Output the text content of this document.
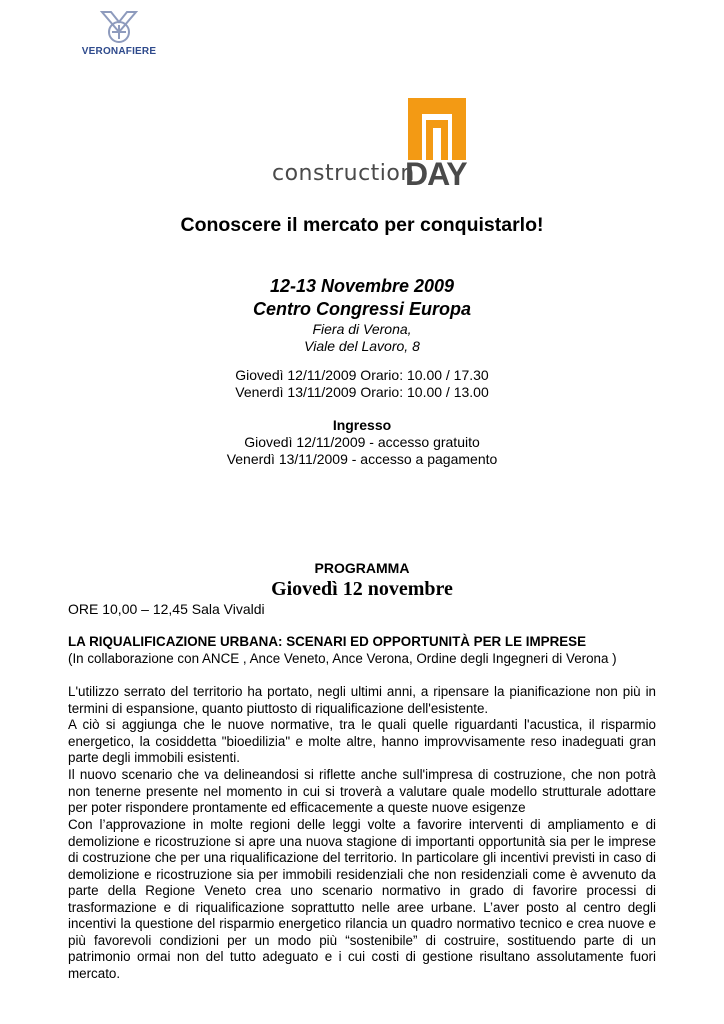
VERONAFIERE
construction
DAY
Conoscere il mercato per conquistarlo!
12-13 Novembre 2009
Centro Congressi Europa
Fiera di Verona,
Viale del Lavoro, 8
Giovedì 12/11/2009 Orario: 10.00 / 17.30
Venerdì 13/11/2009 Orario: 10.00 / 13.00
Ingresso
Giovedì 12/11/2009 - accesso gratuito
Venerdì 13/11/2009 - accesso a pagamento
PROGRAMMA
Giovedì 12 novembre
ORE 10,00 – 12,45 Sala Vivaldi
LA RIQUALIFICAZIONE URBANA: SCENARI ED OPPORTUNITÀ PER LE IMPRESE
(In collaborazione con ANCE , Ance Veneto, Ance Verona, Ordine degli Ingegneri di Verona )
L'utilizzo serrato del territorio ha portato, negli ultimi anni, a ripensare la pianificazione non più in termini di espansione, quanto piuttosto di riqualificazione dell'esistente.
A ciò si aggiunga che le nuove normative, tra le quali quelle riguardanti l'acustica, il risparmio energetico, la cosiddetta "bioedilizia" e molte altre, hanno improvvisamente reso inadeguati gran parte degli immobili esistenti.
Il nuovo scenario che va delineandosi si riflette anche sull'impresa di costruzione, che non potrà non tenerne presente nel momento in cui si troverà a valutare quale modello strutturale adottare per poter rispondere prontamente ed efficacemente a queste nuove esigenze
Con l’approvazione in molte regioni delle leggi volte a favorire interventi di ampliamento e di demolizione e ricostruzione si apre una nuova stagione di importanti opportunità sia per le imprese di costruzione che per una riqualificazione del territorio. In particolare gli incentivi previsti in caso di demolizione e ricostruzione sia per immobili residenziali che non residenziali come è avvenuto da parte della Regione Veneto crea uno scenario normativo in grado di favorire processi di trasformazione e di riqualificazione soprattutto nelle aree urbane. L’aver posto al centro degli incentivi la questione del risparmio energetico rilancia un quadro normativo tecnico e crea nuove e più favorevoli condizioni per un modo più “sostenibile” di costruire, sostituendo parte di un patrimonio ormai non del tutto adeguato e i cui costi di gestione risultano assolutamente fuori mercato.
